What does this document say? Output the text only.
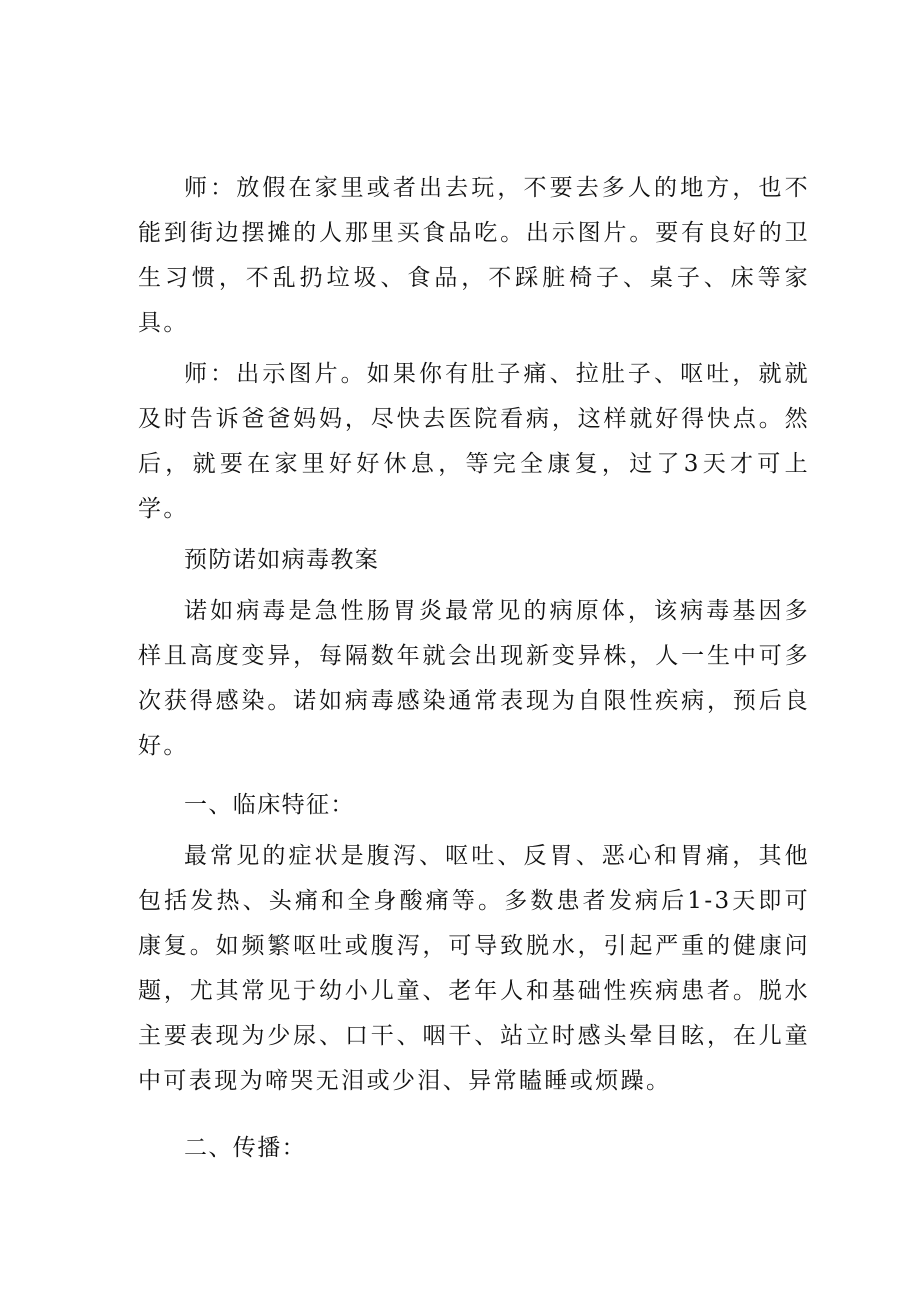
师：放假在家里或者出去玩，不要去多人的地方，也不能到街边摆摊的人那里买食品吃。出示图片。要有良好的卫生习惯，不乱扔垃圾、食品，不踩脏椅子、桌子、床等家具。

师：出示图片。如果你有肚子痛、拉肚子、呕吐，就就及时告诉爸爸妈妈，尽快去医院看病，这样就好得快点。然后，就要在家里好好休息，等完全康复，过了3天才可上学。

预防诺如病毒教案

诺如病毒是急性肠胃炎最常见的病原体，该病毒基因多样且高度变异，每隔数年就会出现新变异株，人一生中可多次获得感染。诺如病毒感染通常表现为自限性疾病，预后良好。

一、临床特征：

最常见的症状是腹泻、呕吐、反胃、恶心和胃痛，其他包括发热、头痛和全身酸痛等。多数患者发病后1-3天即可康复。如频繁呕吐或腹泻，可导致脱水，引起严重的健康问题，尤其常见于幼小儿童、老年人和基础性疾病患者。脱水主要表现为少尿、口干、咽干、站立时感头晕目眩，在儿童中可表现为啼哭无泪或少泪、异常瞌睡或烦躁。

二、传播：
